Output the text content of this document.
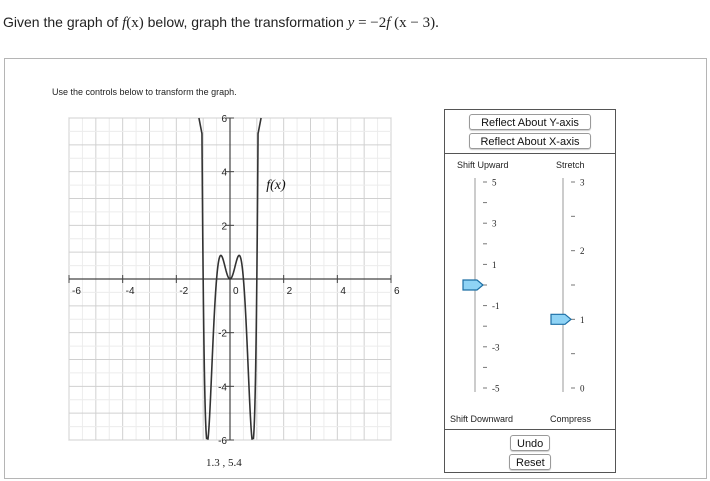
Given the graph of f(x) below, graph the transformation y = −2f (x − 3).
Use the controls below to transform the graph.
-6	-4	-2	0	2	4	6
6
4
2
-2
-4
-6
f(x)
1.3 , 5.4
Reflect About Y-axis
Reflect About X-axis
Shift Upward	Stretch
5
3
1
-1
-3
-5
3
2
1
0
Shift Downward	Compress
Undo
Reset
